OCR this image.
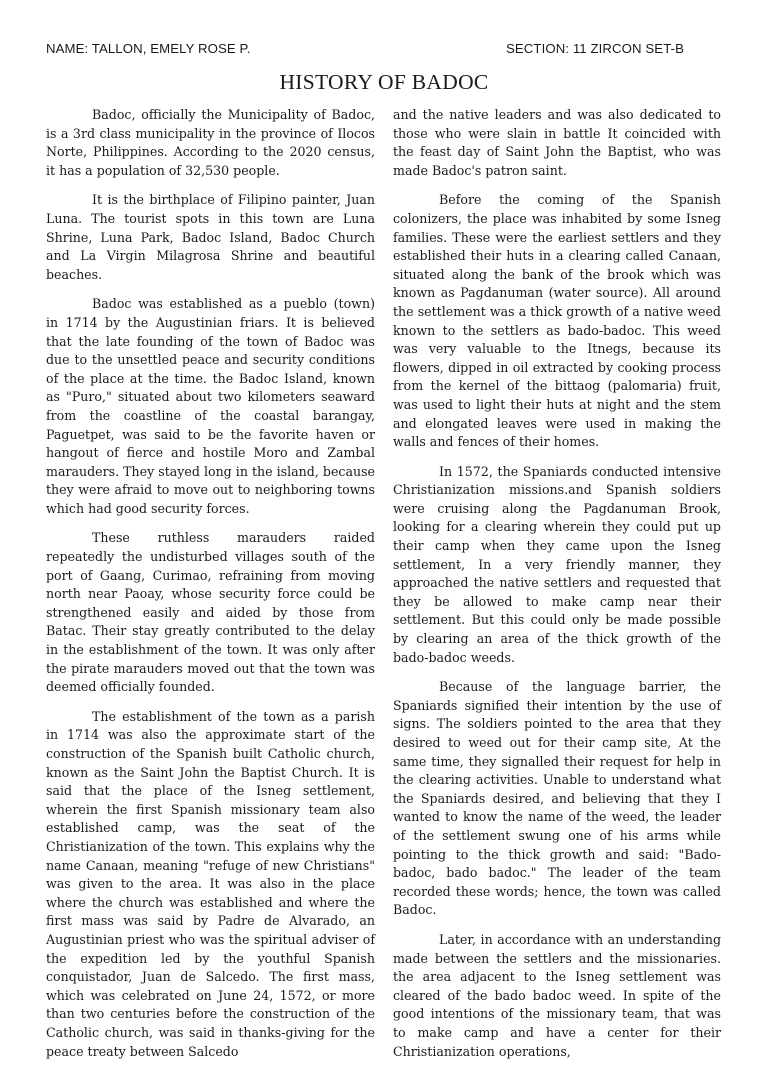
NAME: TALLON, EMELY ROSE P.	SECTION: 11 ZIRCON SET-B
HISTORY OF BADOC

Badoc, officially the Municipality of Badoc, is a 3rd class municipality in the province of Ilocos Norte, Philippines. According to the 2020 census, it has a population of 32,530 people.

It is the birthplace of Filipino painter, Juan Luna. The tourist spots in this town are Luna Shrine, Luna Park, Badoc Island, Badoc Church and La Virgin Milagrosa Shrine and beautiful beaches.

Badoc was established as a pueblo (town) in 1714 by the Augustinian friars. It is believed that the late founding of the town of Badoc was due to the unsettled peace and security conditions of the place at the time. the Badoc Island, known as "Puro," situated about two kilometers seaward from the coastline of the coastal barangay, Paguetpet, was said to be the favorite haven or hangout of fierce and hostile Moro and Zambal marauders. They stayed long in the island, because they were afraid to move out to neighboring towns which had good security forces.

These ruthless marauders raided repeatedly the undisturbed villages south of the port of Gaang, Curimao, refraining from moving north near Paoay, whose security force could be strengthened easily and aided by those from Batac. Their stay greatly contributed to the delay in the establishment of the town. It was only after the pirate marauders moved out that the town was deemed officially founded.

The establishment of the town as a parish in 1714 was also the approximate start of the construction of the Spanish built Catholic church, known as the Saint John the Baptist Church. It is said that the place of the Isneg settlement, wherein the first Spanish missionary team also established camp, was the seat of the Christianization of the town. This explains why the name Canaan, meaning "refuge of new Christians" was given to the area. It was also in the place where the church was established and where the first mass was said by Padre de Alvarado, an Augustinian priest who was the spiritual adviser of the expedition led by the youthful Spanish conquistador, Juan de Salcedo. The first mass, which was celebrated on June 24, 1572, or more than two centuries before the construction of the Catholic church, was said in thanks-giving for the peace treaty between Salcedo

and the native leaders and was also dedicated to those who were slain in battle It coincided with the feast day of Saint John the Baptist, who was made Badoc's patron saint.

Before the coming of the Spanish colonizers, the place was inhabited by some Isneg families. These were the earliest settlers and they established their huts in a clearing called Canaan, situated along the bank of the brook which was known as Pagdanuman (water source). All around the settlement was a thick growth of a native weed known to the settlers as bado-badoc. This weed was very valuable to the Itnegs, because its flowers, dipped in oil extracted by cooking process from the kernel of the bittaog (palomaria) fruit, was used to light their huts at night and the stem and elongated leaves were used in making the walls and fences of their homes.

In 1572, the Spaniards conducted intensive Christianization missions.and Spanish soldiers were cruising along the Pagdanuman Brook, looking for a clearing wherein they could put up their camp when they came upon the Isneg settlement, In a very friendly manner, they approached the native settlers and requested that they be allowed to make camp near their settlement. But this could only be made possible by clearing an area of the thick growth of the bado-badoc weeds.

Because of the language barrier, the Spaniards signified their intention by the use of signs. The soldiers pointed to the area that they desired to weed out for their camp site, At the same time, they signalled their request for help in the clearing activities. Unable to understand what the Spaniards desired, and believing that they I wanted to know the name of the weed, the leader of the settlement swung one of his arms while pointing to the thick growth and said: "Bado-badoc, bado badoc." The leader of the team recorded these words; hence, the town was called Badoc.

Later, in accordance with an understanding made between the settlers and the missionaries. the area adjacent to the Isneg settlement was cleared of the bado badoc weed. In spite of the good intentions of the missionary team, that was to make camp and have a center for their Christianization operations,
